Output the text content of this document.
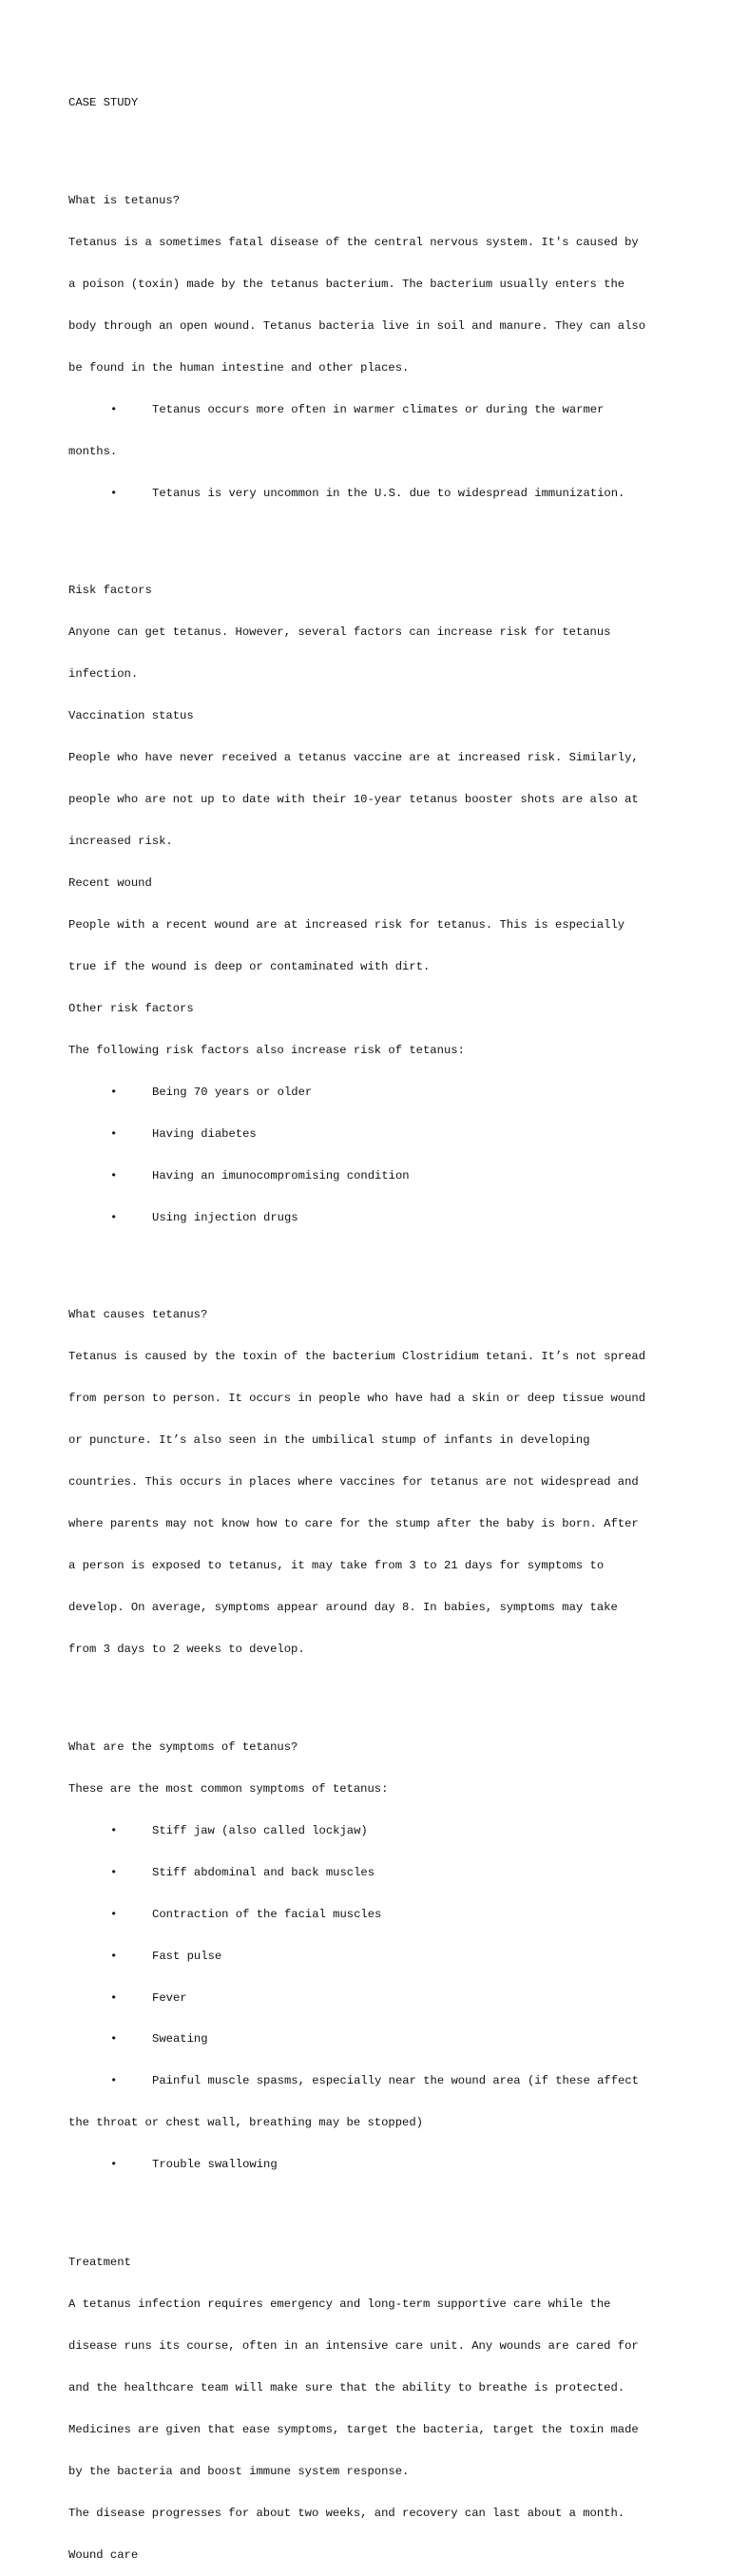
CASE STUDY

What is tetanus?

Tetanus is a sometimes fatal disease of the central nervous system. It's caused by

a poison (toxin) made by the tetanus bacterium. The bacterium usually enters the

body through an open wound. Tetanus bacteria live in soil and manure. They can also

be found in the human intestine and other places.

•	Tetanus occurs more often in warmer climates or during the warmer

months.

•	Tetanus is very uncommon in the U.S. due to widespread immunization.

Risk factors

Anyone can get tetanus. However, several factors can increase risk for tetanus

infection.

Vaccination status

People who have never received a tetanus vaccine are at increased risk. Similarly,

people who are not up to date with their 10-year tetanus booster shots are also at

increased risk.

Recent wound

People with a recent wound are at increased risk for tetanus. This is especially

true if the wound is deep or contaminated with dirt.

Other risk factors

The following risk factors also increase risk of tetanus:

•	Being 70 years or older

•	Having diabetes

•	Having an imunocompromising condition

•	Using injection drugs

What causes tetanus?

Tetanus is caused by the toxin of the bacterium Clostridium tetani. It’s not spread

from person to person. It occurs in people who have had a skin or deep tissue wound

or puncture. It’s also seen in the umbilical stump of infants in developing

countries. This occurs in places where vaccines for tetanus are not widespread and

where parents may not know how to care for the stump after the baby is born. After

a person is exposed to tetanus, it may take from 3 to 21 days for symptoms to

develop. On average, symptoms appear around day 8. In babies, symptoms may take

from 3 days to 2 weeks to develop.

What are the symptoms of tetanus?

These are the most common symptoms of tetanus:

•	Stiff jaw (also called lockjaw)

•	Stiff abdominal and back muscles

•	Contraction of the facial muscles

•	Fast pulse

•	Fever

•	Sweating

•	Painful muscle spasms, especially near the wound area (if these affect

the throat or chest wall, breathing may be stopped)

•	Trouble swallowing

Treatment

A tetanus infection requires emergency and long-term supportive care while the

disease runs its course, often in an intensive care unit. Any wounds are cared for

and the healthcare team will make sure that the ability to breathe is protected.

Medicines are given that ease symptoms, target the bacteria, target the toxin made

by the bacteria and boost immune system response.

The disease progresses for about two weeks, and recovery can last about a month.

Wound care
